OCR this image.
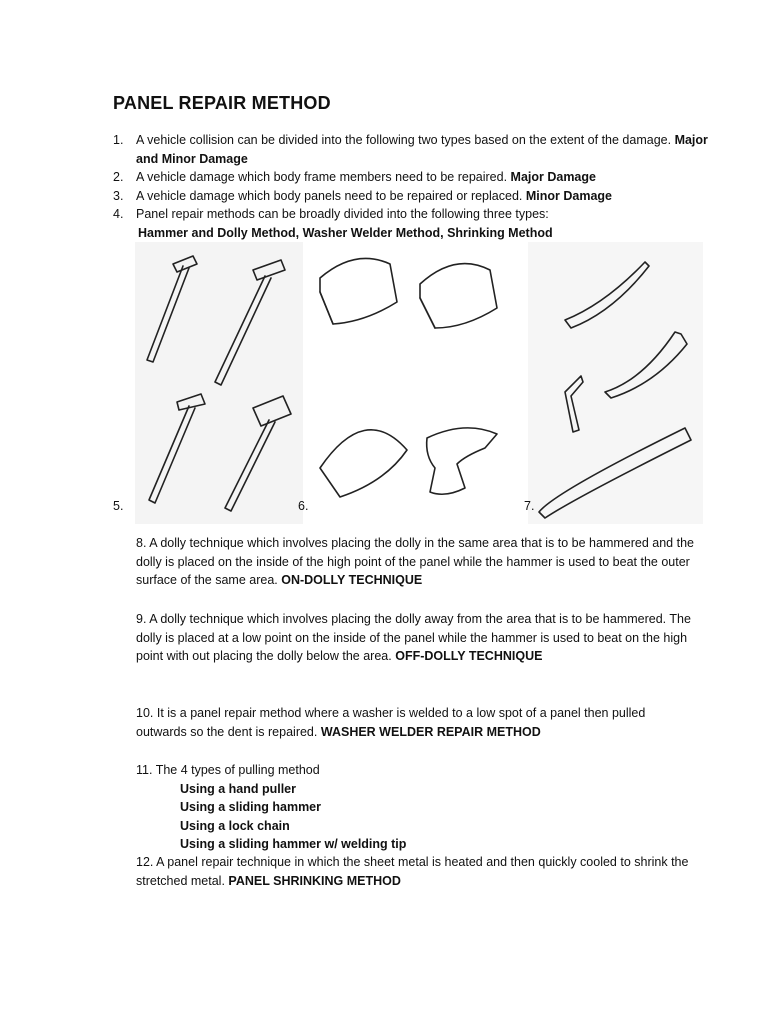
PANEL REPAIR METHOD
1. A vehicle collision can be divided into the following two types based on the extent of the damage. Major and Minor Damage
2. A vehicle damage which body frame members need to be repaired. Major Damage
3. A vehicle damage which body panels need to be repaired or replaced. Minor Damage
4. Panel repair methods can be broadly divided into the following three types:
Hammer and Dolly Method, Washer Welder Method, Shrinking Method
5.	6.	7.
8. A dolly technique which involves placing the dolly in the same area that is to be hammered and the dolly is placed on the inside of the high point of the panel while the hammer is used to beat the outer surface of the same area. ON-DOLLY TECHNIQUE
9. A dolly technique which involves placing the dolly away from the area that is to be hammered. The dolly is placed at a low point on the inside of the panel while the hammer is used to beat on the high point with out placing the dolly below the area. OFF-DOLLY TECHNIQUE
10. It is a panel repair method where a washer is welded to a low spot of a panel then pulled outwards so the dent is repaired. WASHER WELDER REPAIR METHOD
11. The 4 types of pulling method
Using a hand puller
Using a sliding hammer
Using a lock chain
Using a sliding hammer w/ welding tip
12. A panel repair technique in which the sheet metal is heated and then quickly cooled to shrink the stretched metal. PANEL SHRINKING METHOD
